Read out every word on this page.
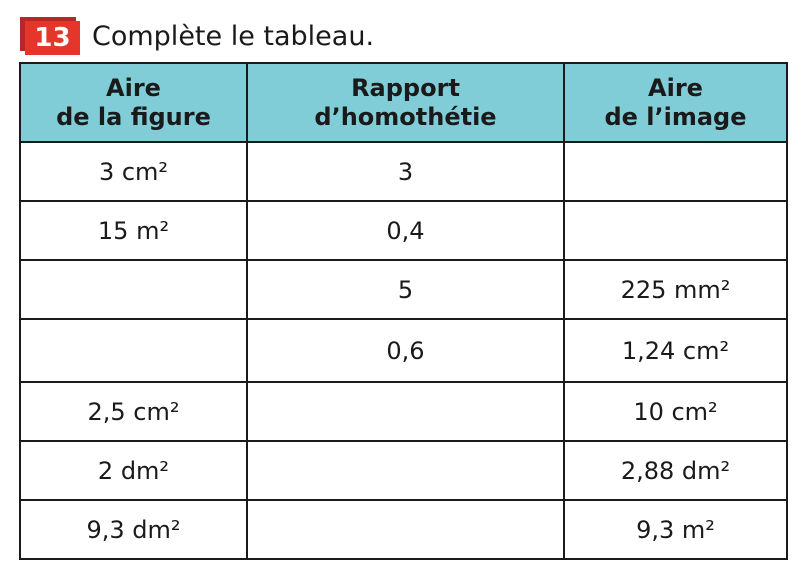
13 Complète le tableau.
Aire
de la figure	Rapport
d’homothétie	Aire
de l’image

3 cm²	3	
15 m²	0,4	
	5	225 mm²
	0,6	1,24 cm²
2,5 cm²		10 cm²
2 dm²		2,88 dm²
9,3 dm²		9,3 m²
